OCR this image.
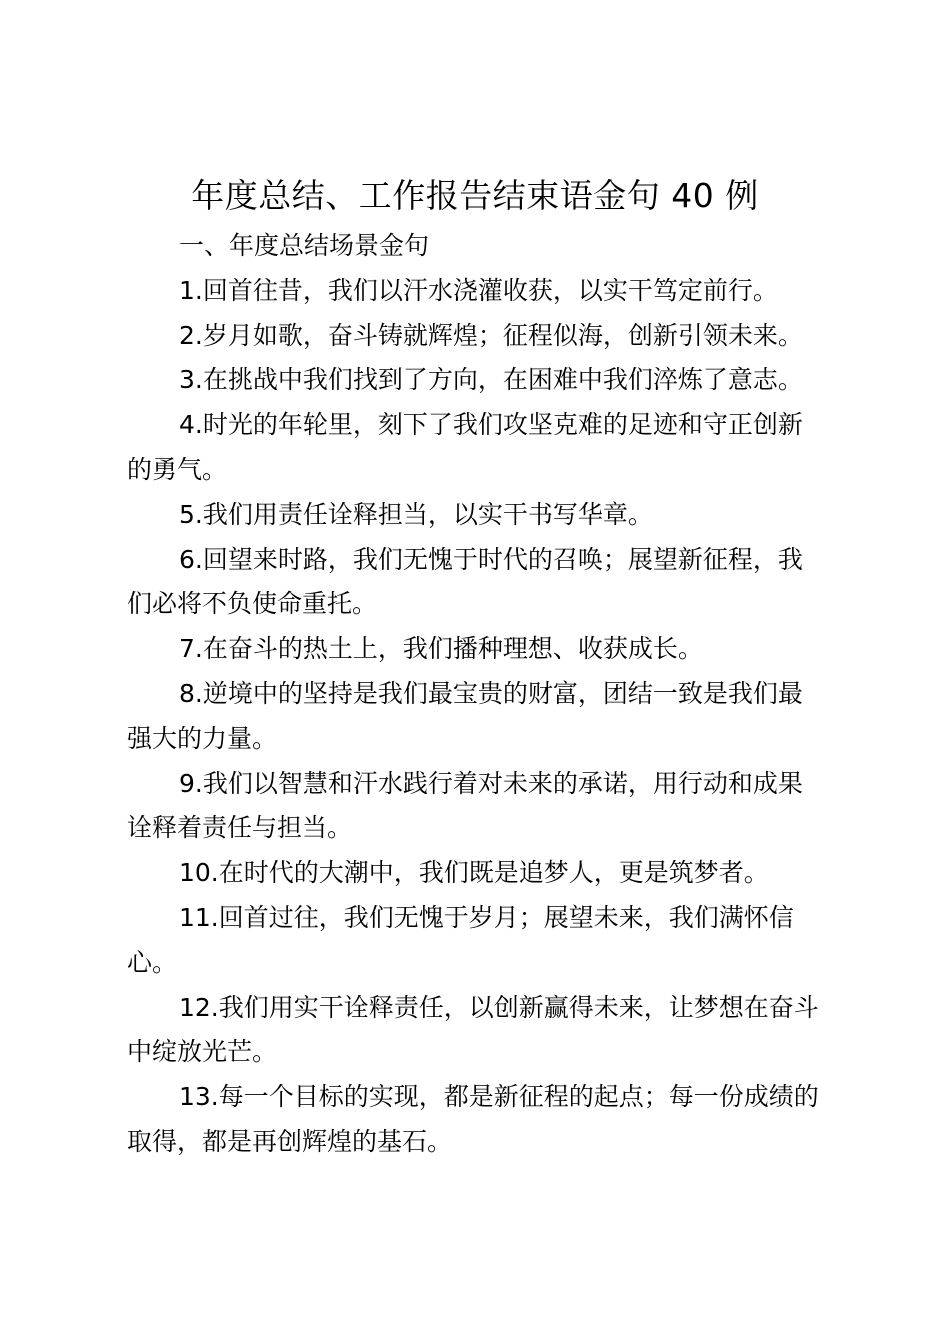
年度总结、工作报告结束语金句 40 例

一、年度总结场景金句

1.回首往昔，我们以汗水浇灌收获，以实干笃定前行。

2.岁月如歌，奋斗铸就辉煌；征程似海，创新引领未来。

3.在挑战中我们找到了方向，在困难中我们淬炼了意志。

4.时光的年轮里，刻下了我们攻坚克难的足迹和守正创新
的勇气。

5.我们用责任诠释担当，以实干书写华章。

6.回望来时路，我们无愧于时代的召唤；展望新征程，我
们必将不负使命重托。

7.在奋斗的热土上，我们播种理想、收获成长。

8.逆境中的坚持是我们最宝贵的财富，团结一致是我们最
强大的力量。

9.我们以智慧和汗水践行着对未来的承诺，用行动和成果
诠释着责任与担当。

10.在时代的大潮中，我们既是追梦人，更是筑梦者。

11.回首过往，我们无愧于岁月；展望未来，我们满怀信
心。

12.我们用实干诠释责任，以创新赢得未来，让梦想在奋斗
中绽放光芒。

13.每一个目标的实现，都是新征程的起点；每一份成绩的
取得，都是再创辉煌的基石。
